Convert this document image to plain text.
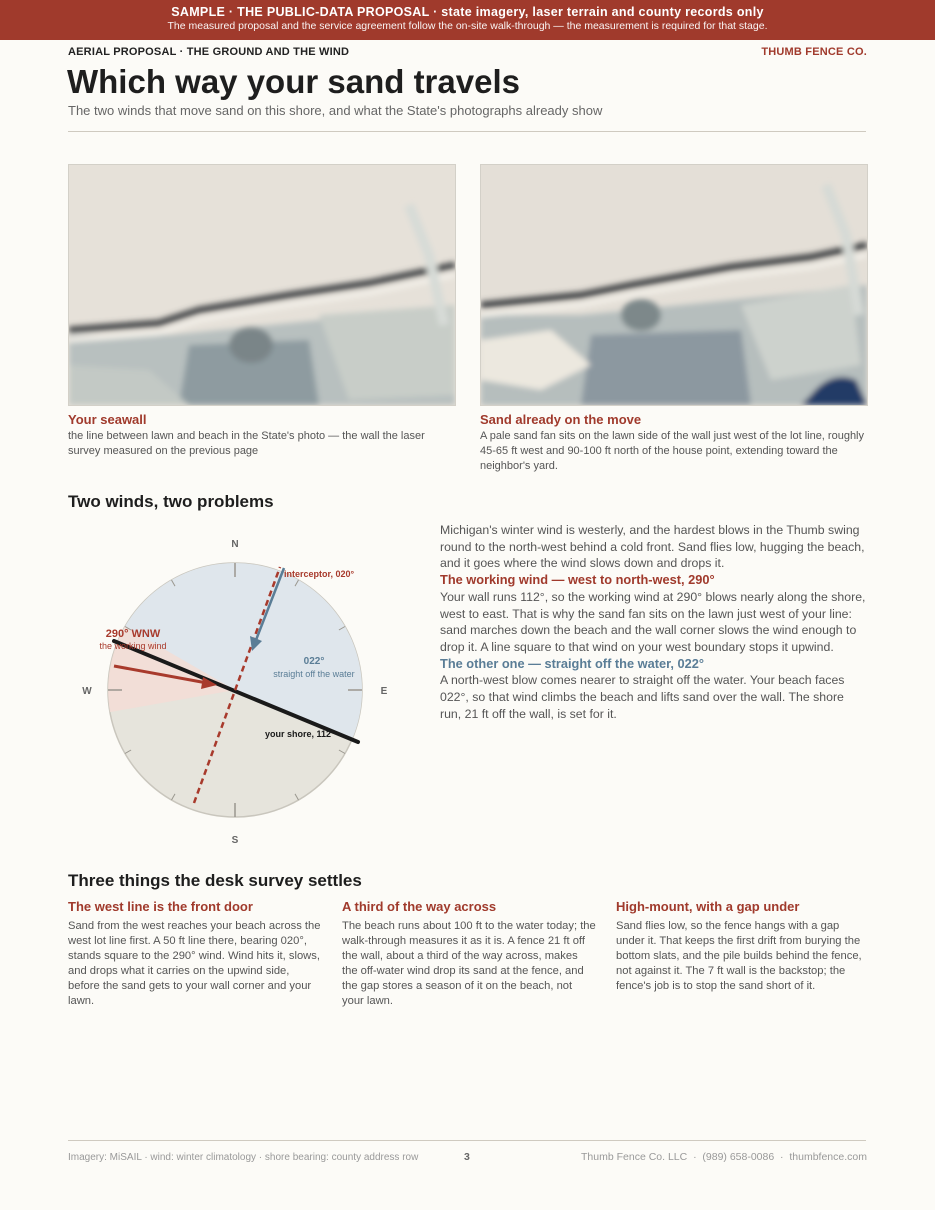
SAMPLE · THE PUBLIC-DATA PROPOSAL · state imagery, laser terrain and county records only
The measured proposal and the service agreement follow the on-site walk-through — the measurement is required for that stage.
AERIAL PROPOSAL · THE GROUND AND THE WIND	THUMB FENCE CO.
Which way your sand travels
The two winds that move sand on this shore, and what the State's photographs already show
Your seawall
the line between lawn and beach in the State's photo — the wall the laser survey measured on the previous page
Sand already on the move
A pale sand fan sits on the lawn side of the wall just west of the lot line, roughly 45-65 ft west and 90-100 ft north of the house point, extending toward the neighbor's yard.
Two winds, two problems
N
S
E
W
290° WNW
the working wind
022°
straight off the water
interceptor, 020°
your shore, 112°

Michigan's winter wind is westerly, and the hardest blows in the Thumb swing round to the north-west behind a cold front. Sand flies low, hugging the beach, and it goes where the wind slows down and drops it.

The working wind — west to north-west, 290°

Your wall runs 112°, so the working wind at 290° blows nearly along the shore, west to east. That is why the sand fan sits on the lawn just west of your line: sand marches down the beach and the wall corner slows the wind enough to drop it. A line square to that wind on your west boundary stops it upwind.

The other one — straight off the water, 022°

A north-west blow comes nearer to straight off the water. Your beach faces 022°, so that wind climbs the beach and lifts sand over the wall. The shore run, 21 ft off the wall, is set for it.

Three things the desk survey settles
The west line is the front door
Sand from the west reaches your beach across the west lot line first. A 50 ft line there, bearing 020°, stands square to the 290° wind. Wind hits it, slows, and drops what it carries on the upwind side, before the sand gets to your wall corner and your lawn.
A third of the way across
The beach runs about 100 ft to the water today; the walk-through measures it as it is. A fence 21 ft off the wall, about a third of the way across, makes the off-water wind drop its sand at the fence, and the gap stores a season of it on the beach, not your lawn.
High-mount, with a gap under
Sand flies low, so the fence hangs with a gap under it. That keeps the first drift from burying the bottom slats, and the pile builds behind the fence, not against it. The 7 ft wall is the backstop; the fence's job is to stop the sand short of it.
Imagery: MiSAIL · wind: winter climatology · shore bearing: county address row	3	Thumb Fence Co. LLC  ·  (989) 658-0086  ·  thumbfence.com
